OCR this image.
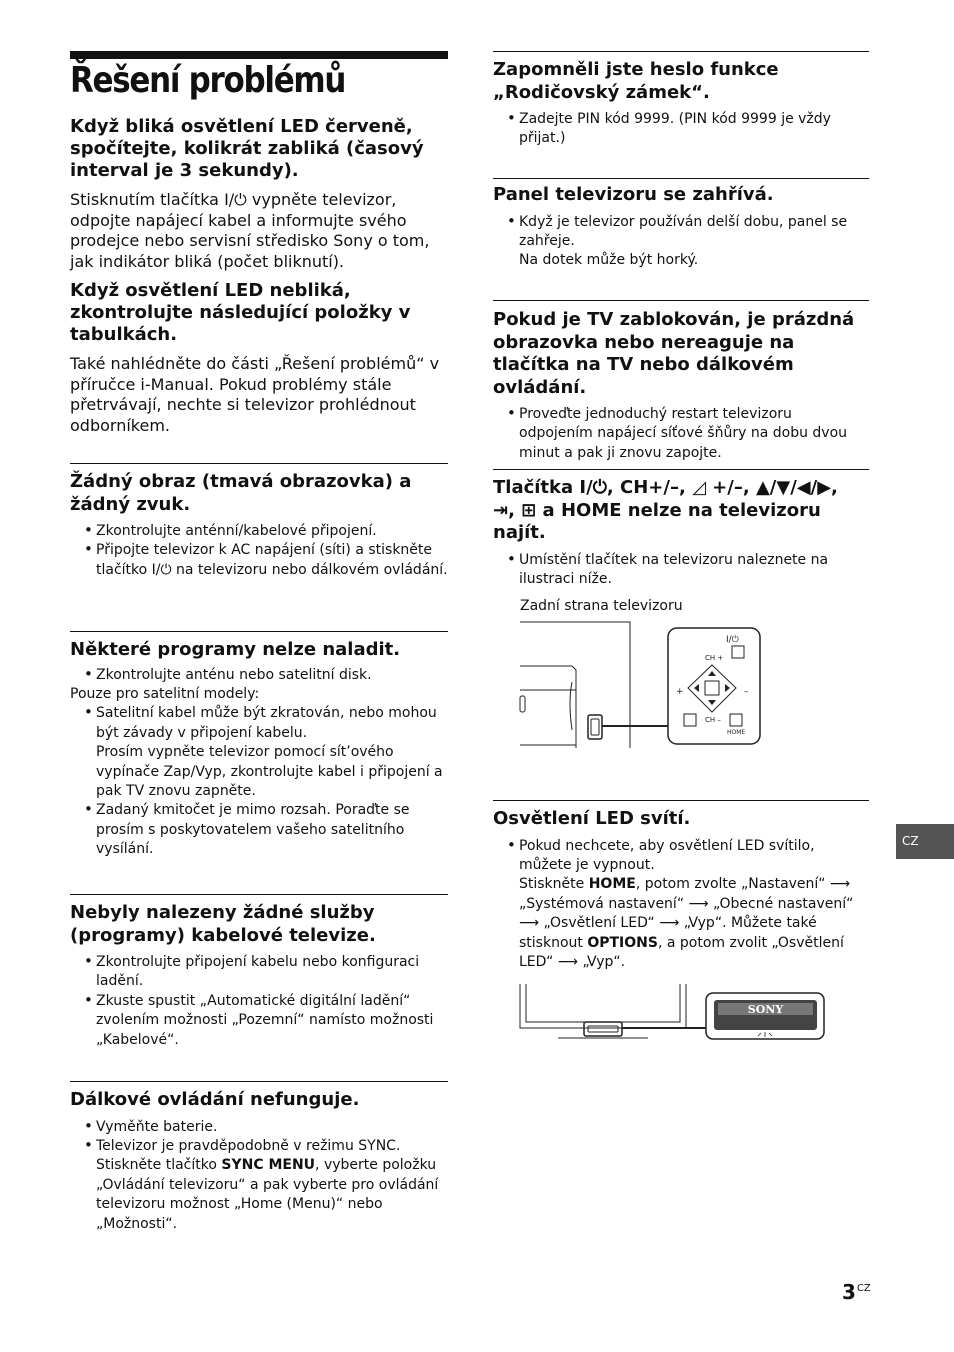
Řešení problémů

Když bliká osvětlení LED červeně, spočítejte, kolikrát zabliká (časový interval je 3 sekundy).

Stisknutím tlačítka I/⏻ vypněte televizor, odpojte napájecí kabel a informujte svého prodejce nebo servisní středisko Sony o tom, jak indikátor bliká (počet bliknutí).

Když osvětlení LED nebliká, zkontrolujte následující položky v tabulkách.

Také nahlédněte do části „Řešení problémů“ v příručce i-Manual. Pokud problémy stále přetrvávají, nechte si televizor prohlédnout odborníkem.

Žádný obraz (tmavá obrazovka) a žádný zvuk.

• Zkontrolujte anténní/kabelové připojení.
• Připojte televizor k AC napájení (síti) a stiskněte tlačítko I/⏻ na televizoru nebo dálkovém ovládání.

Některé programy nelze naladit.

• Zkontrolujte anténu nebo satelitní disk.

Pouze pro satelitní modely:

• Satelitní kabel může být zkratován, nebo mohou být závady v připojení kabelu.
Prosím vypněte televizor pomocí sít’ového vypínače Zap/Vyp, zkontrolujte kabel i připojení a pak TV znovu zapněte.
• Zadaný kmitočet je mimo rozsah. Poraďte se prosím s poskytovatelem vašeho satelitního vysílání.

Nebyly nalezeny žádné služby (programy) kabelové televize.

• Zkontrolujte připojení kabelu nebo konfiguraci ladění.
• Zkuste spustit „Automatické digitální ladění“ zvolením možnosti „Pozemní“ namísto možnosti „Kabelové“.

Dálkové ovládání nefunguje.

• Vyměňte baterie.
• Televizor je pravděpodobně v režimu SYNC. Stiskněte tlačítko SYNC MENU, vyberte položku „Ovládání televizoru“ a pak vyberte pro ovládání televizoru možnost „Home (Menu)“ nebo „Možnosti“.

Zapomněli jste heslo funkce „Rodičovský zámek“.

• Zadejte PIN kód 9999. (PIN kód 9999 je vždy přijat.)

Panel televizoru se zahřívá.

• Když je televizor používán delší dobu, panel se zahřeje.
Na dotek může být horký.

Pokud je TV zablokován, je prázdná obrazovka nebo nereaguje na tlačítka na TV nebo dálkovém ovládání.

• Proveďte jednoduchý restart televizoru odpojením napájecí síťové šňůry na dobu dvou minut a pak ji znovu zapojte.

Tlačítka I/⏻, CH+/–, ◿ +/–, ▲/▼/◀/▶,
⇥, ⊞ a HOME nelze na televizoru
najít.

• Umístění tlačítek na televizoru naleznete na ilustraci níže.

Zadní strana televizoru

I/⏻
CH +
CH –
HOME
+	–

Osvětlení LED svítí.

• Pokud nechcete, aby osvětlení LED svítilo, můžete je vypnout.
Stiskněte HOME, potom zvolte „Nastavení“ ⟶ „Systémová nastavení“ ⟶ „Obecné nastavení“ ⟶ „Osvětlení LED“ ⟶ „Vyp“. Můžete také stisknout OPTIONS, a potom zvolit „Osvětlení LED“ ⟶ „Vyp“.
SONY
CZ
$3^{CZ}$
